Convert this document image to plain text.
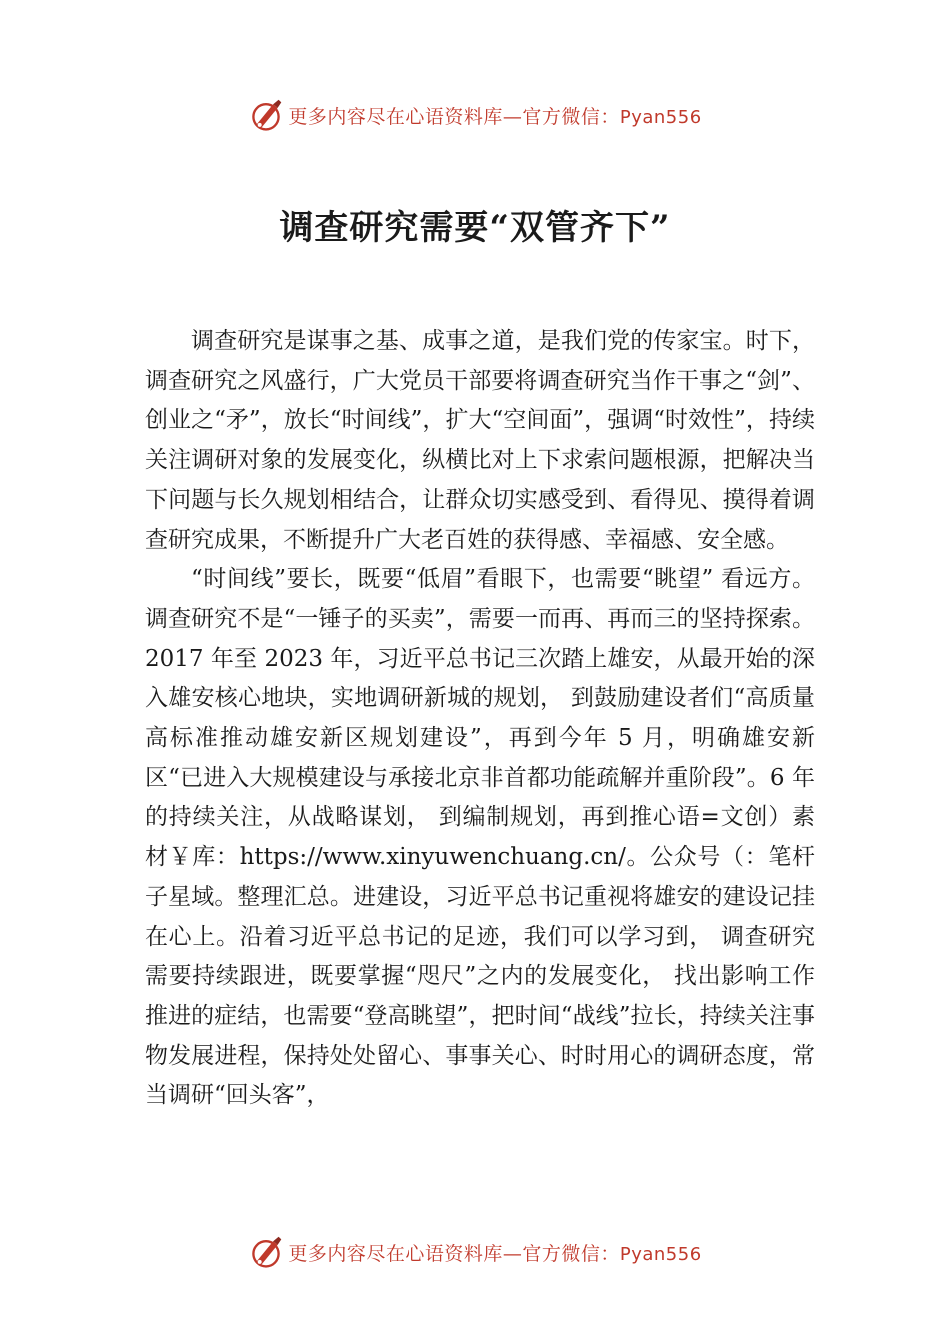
更多内容尽在心语资料库—官方微信：Pyan556
调查研究需要“双管齐下”

调查研究是谋事之基、成事之道，是我们党的传家宝。时下，调查研究之风盛行，广大党员干部要将调查研究当作干事之“剑”、创业之“矛”，放长“时间线”，扩大“空间面”，强调“时效性”，持续关注调研对象的发展变化，纵横比对上下求索问题根源，把解决当下问题与长久规划相结合，让群众切实感受到、看得见、摸得着调查研究成果，不断提升广大老百姓的获得感、幸福感、安全感。

“时间线”要长，既要“低眉”看眼下，也需要“眺望” 看远方。调查研究不是“一锤子的买卖”，需要一而再、再而三的坚持探索。2017 年至 2023 年，习近平总书记三次踏上雄安，从最开始的深入雄安核心地块，实地调研新城的规划， 到鼓励建设者们“高质量高标准推动雄安新区规划建设”，再到今年 5 月，明确雄安新区“已进入大规模建设与承接北京非首都功能疏解并重阶段”。6 年的持续关注，从战略谋划， 到编制规划，再到推心语=文创）素材￥库：https://www.xinyuwenchuang.cn/。公众号（：笔杆子星域。整理汇总。进建设，习近平总书记重视将雄安的建设记挂在心上。沿着习近平总书记的足迹，我们可以学习到， 调查研究需要持续跟进，既要掌握“咫尺”之内的发展变化， 找出影响工作推进的症结，也需要“登高眺望”，把时间“战线”拉长，持续关注事物发展进程，保持处处留心、事事关心、时时用心的调研态度，常当调研“回头客”，

更多内容尽在心语资料库—官方微信：Pyan556
